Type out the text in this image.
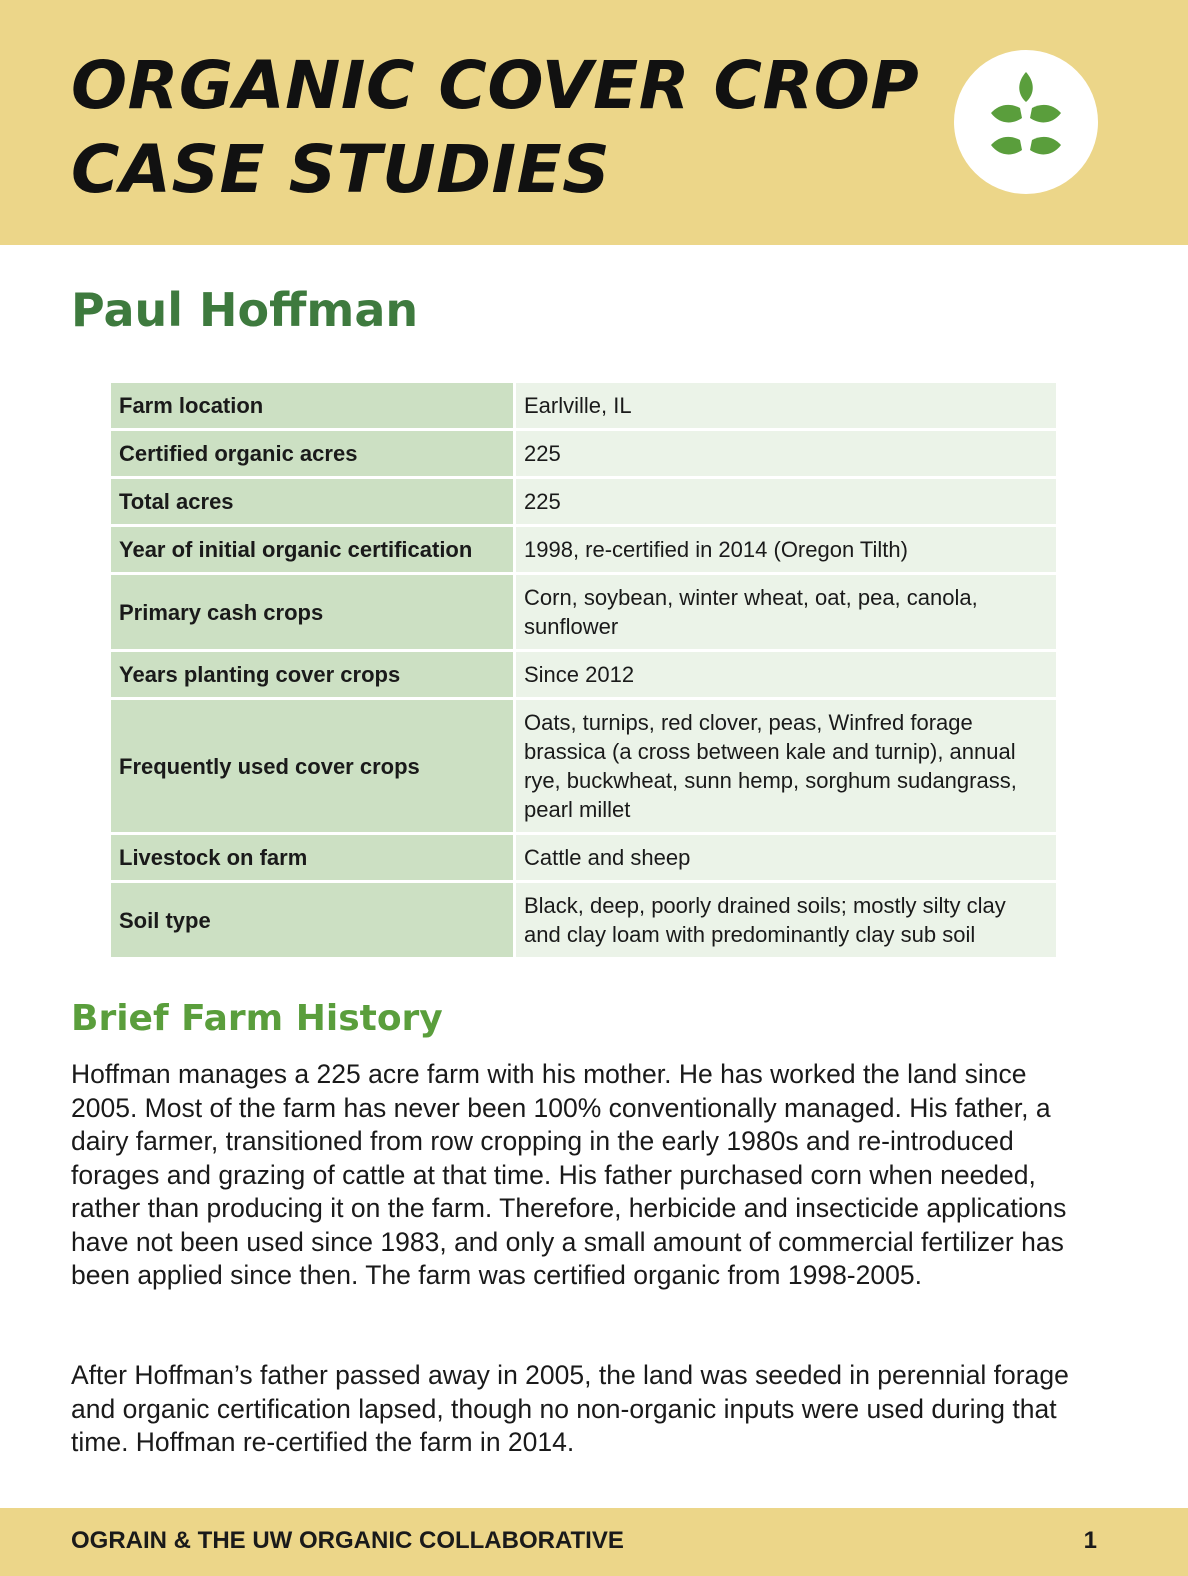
ORGANIC COVER CROP
CASE STUDIES
Paul Hoffman
Farm location	Earlville, IL
Certified organic acres	225
Total acres	225
Year of initial organic certification	1998, re-certified in 2014 (Oregon Tilth)
Primary cash crops	Corn, soybean, winter wheat, oat, pea, canola, sunflower
Years planting cover crops	Since 2012
Frequently used cover crops	Oats, turnips, red clover, peas, Winfred forage brassica (a cross between kale and turnip), annual rye, buckwheat, sunn hemp, sorghum sudangrass, pearl millet
Livestock on farm	Cattle and sheep
Soil type	Black, deep, poorly drained soils; mostly silty clay and clay loam with predominantly clay sub soil
Brief Farm History

Hoffman manages a 225 acre farm with his mother. He has worked the land since 2005. Most of the farm has never been 100% conventionally managed. His father, a dairy farmer, transitioned from row cropping in the early 1980s and re-introduced forages and grazing of cattle at that time. His father purchased corn when needed, rather than producing it on the farm. Therefore, herbicide and insecticide applications have not been used since 1983, and only a small amount of commercial fertilizer has been applied since then. The farm was certified organic from 1998-2005.

After Hoffman’s father passed away in 2005, the land was seeded in perennial forage and organic certification lapsed, though no non-organic inputs were used during that time. Hoffman re-certified the farm in 2014.

OGRAIN & THE UW ORGANIC COLLABORATIVE	1
